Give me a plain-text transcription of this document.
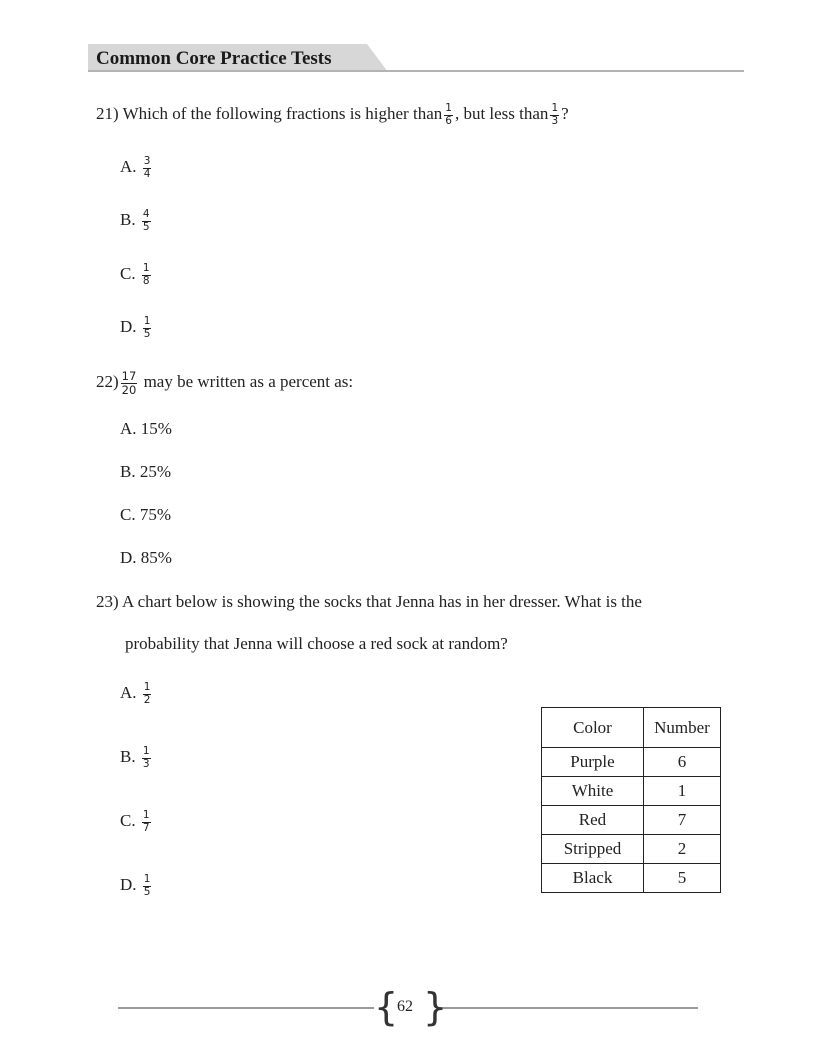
Common Core Practice Tests
21) Which of the following fractions is higher than $\frac{1}{6}$ , but less than $\frac{1}{3}$ ?
A. $\frac{3}{4}$
B. $\frac{4}{5}$
C. $\frac{1}{8}$
D. $\frac{1}{5}$
$22) \frac{17}{20}$ may be written as a percent as:
A. 15%
B. 25%
C. 75%
D. 85%
23) A chart below is showing the socks that Jenna has in her dresser. What is the
probability that Jenna will choose a red sock at random?
A. $\frac{1}{2}$
B. $\frac{1}{3}$
C. $\frac{1}{7}$
D. $\frac{1}{5}$
Color	Number
Purple	6
White	1
Red	7
Stripped	2
Black	5
{ }
62
